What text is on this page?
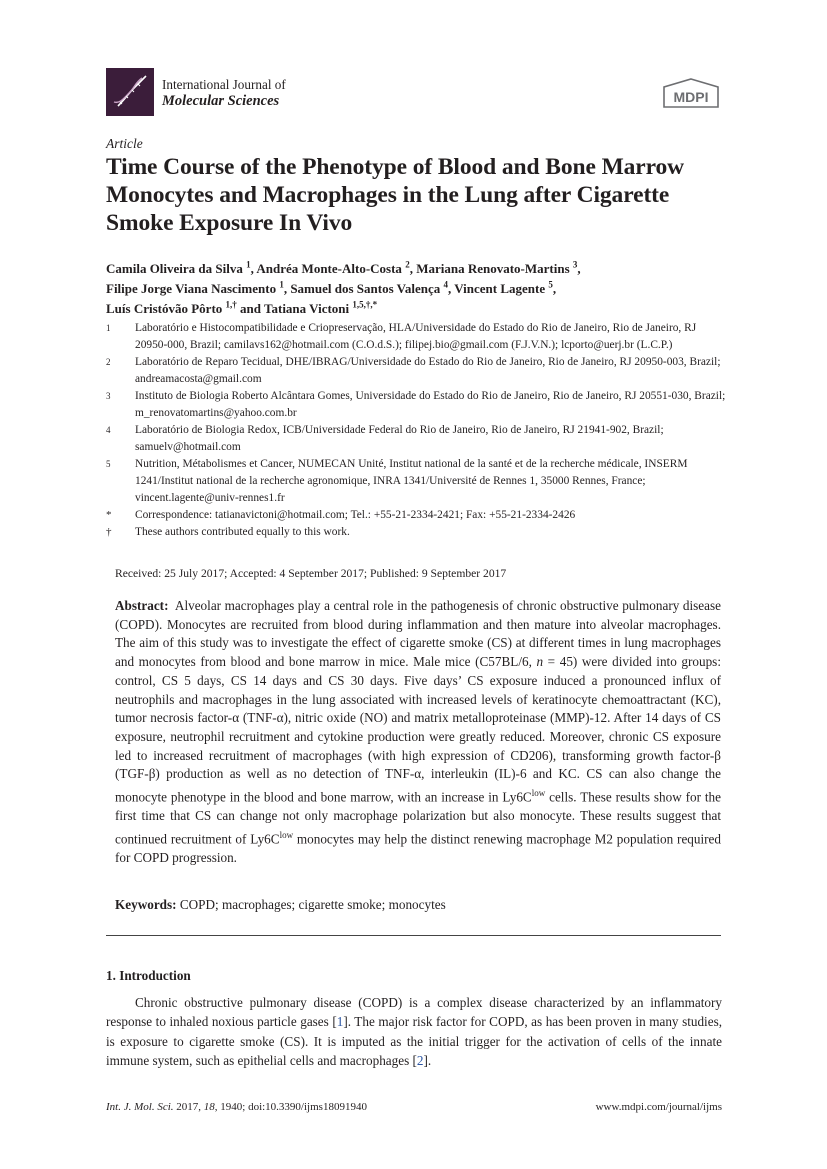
International Journal of
Molecular Sciences	MDPI
Article
Time Course of the Phenotype of Blood and Bone Marrow Monocytes and Macrophages in the Lung after Cigarette Smoke Exposure In Vivo
Camila Oliveira da Silva $^1$, Andréa Monte-Alto-Costa $^2$, Mariana Renovato-Martins $^3$,
Filipe Jorge Viana Nascimento $^1$, Samuel dos Santos Valença $^4$, Vincent Lagente $^5$,
Luís Cristóvão Pôrto $^{1,\dagger}$ and Tatiana Victoni $^{1,5,\dagger,*}$
1	Laboratório e Histocompatibilidade e Criopreservação, HLA/Universidade do Estado do Rio de Janeiro, Rio de Janeiro, RJ 20950-000, Brazil; camilavs162@hotmail.com (C.O.d.S.); filipej.bio@gmail.com (F.J.V.N.); lcporto@uerj.br (L.C.P.)
2	Laboratório de Reparo Tecidual, DHE/IBRAG/Universidade do Estado do Rio de Janeiro, Rio de Janeiro, RJ 20950-003, Brazil; andreamacosta@gmail.com
3	Instituto de Biologia Roberto Alcântara Gomes, Universidade do Estado do Rio de Janeiro, Rio de Janeiro, RJ 20551-030, Brazil; m_renovatomartins@yahoo.com.br
4	Laboratório de Biologia Redox, ICB/Universidade Federal do Rio de Janeiro, Rio de Janeiro, RJ 21941-902, Brazil; samuelv@hotmail.com
5	Nutrition, Métabolismes et Cancer, NUMECAN Unité, Institut national de la santé et de la recherche médicale, INSERM 1241/Institut national de la recherche agronomique, INRA 1341/Université de Rennes 1, 35000 Rennes, France; vincent.lagente@univ-rennes1.fr
*	Correspondence: tatianavictoni@hotmail.com; Tel.: +55-21-2334-2421; Fax: +55-21-2334-2426
†	These authors contributed equally to this work.
Received: 25 July 2017; Accepted: 4 September 2017; Published: 9 September 2017
Abstract: Alveolar macrophages play a central role in the pathogenesis of chronic obstructive pulmonary disease (COPD). Monocytes are recruited from blood during inflammation and then mature into alveolar macrophages. The aim of this study was to investigate the effect of cigarette smoke (CS) at different times in lung macrophages and monocytes from blood and bone marrow in mice. Male mice (C57BL/6, n = 45) were divided into groups: control, CS 5 days, CS 14 days and CS 30 days. Five days’ CS exposure induced a pronounced influx of neutrophils and macrophages in the lung associated with increased levels of keratinocyte chemoattractant (KC), tumor necrosis factor-α (TNF-α), nitric oxide (NO) and matrix metalloproteinase (MMP)-12. After 14 days of CS exposure, neutrophil recruitment and cytokine production were greatly reduced. Moreover, chronic CS exposure led to increased recruitment of macrophages (with high expression of CD206), transforming growth factor-β (TGF-β) production as well as no detection of TNF-α, interleukin (IL)-6 and KC. CS can also change the monocyte phenotype in the blood and bone marrow, with an increase in $Ly6C^{low}$ cells. These results show for the first time that CS can change not only macrophage polarization but also monocyte. These results suggest that continued recruitment of $Ly6C^{low}$ monocytes may help the distinct renewing macrophage M2 population required for COPD progression.
Keywords: COPD; macrophages; cigarette smoke; monocytes
1. Introduction
Chronic obstructive pulmonary disease (COPD) is a complex disease characterized by an inflammatory response to inhaled noxious particle gases [1]. The major risk factor for COPD, as has been proven in many studies, is exposure to cigarette smoke (CS). It is imputed as the initial trigger for the activation of cells of the innate immune system, such as epithelial cells and macrophages [2].
Int. J. Mol. Sci. 2017, 18, 1940; doi:10.3390/ijms18091940	www.mdpi.com/journal/ijms
